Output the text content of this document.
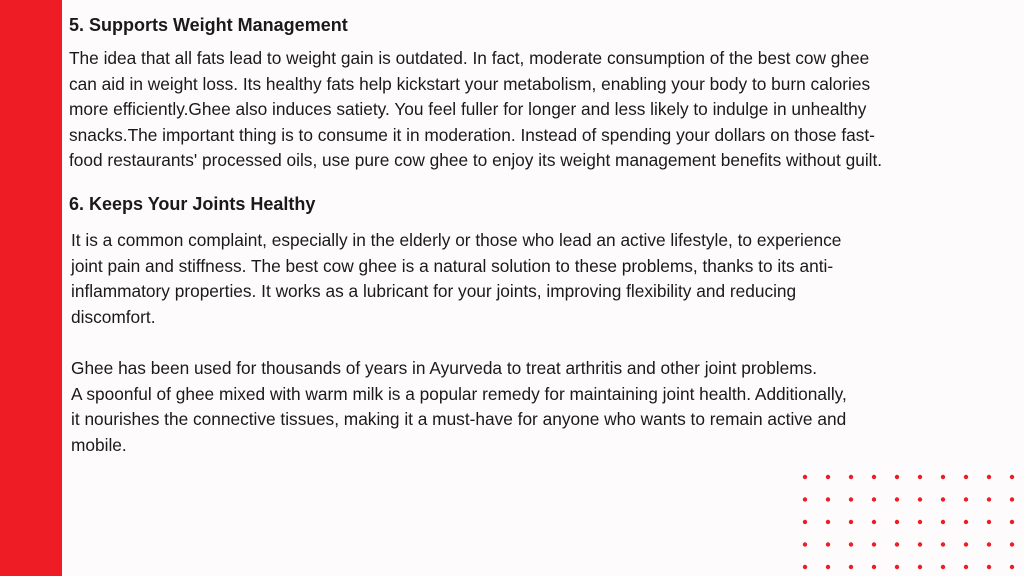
5. Supports Weight Management
The idea that all fats lead to weight gain is outdated. In fact, moderate consumption of the best cow ghee
can aid in weight loss. Its healthy fats help kickstart your metabolism, enabling your body to burn calories
more efficiently.Ghee also induces satiety. You feel fuller for longer and less likely to indulge in unhealthy
snacks.The important thing is to consume it in moderation. Instead of spending your dollars on those fast-
food restaurants' processed oils, use pure cow ghee to enjoy its weight management benefits without guilt.
6. Keeps Your Joints Healthy
It is a common complaint, especially in the elderly or those who lead an active lifestyle, to experience
joint pain and stiffness. The best cow ghee is a natural solution to these problems, thanks to its anti-
inflammatory properties. It works as a lubricant for your joints, improving flexibility and reducing
discomfort.
Ghee has been used for thousands of years in Ayurveda to treat arthritis and other joint problems.
A spoonful of ghee mixed with warm milk is a popular remedy for maintaining joint health. Additionally,
it nourishes the connective tissues, making it a must-have for anyone who wants to remain active and
mobile.
